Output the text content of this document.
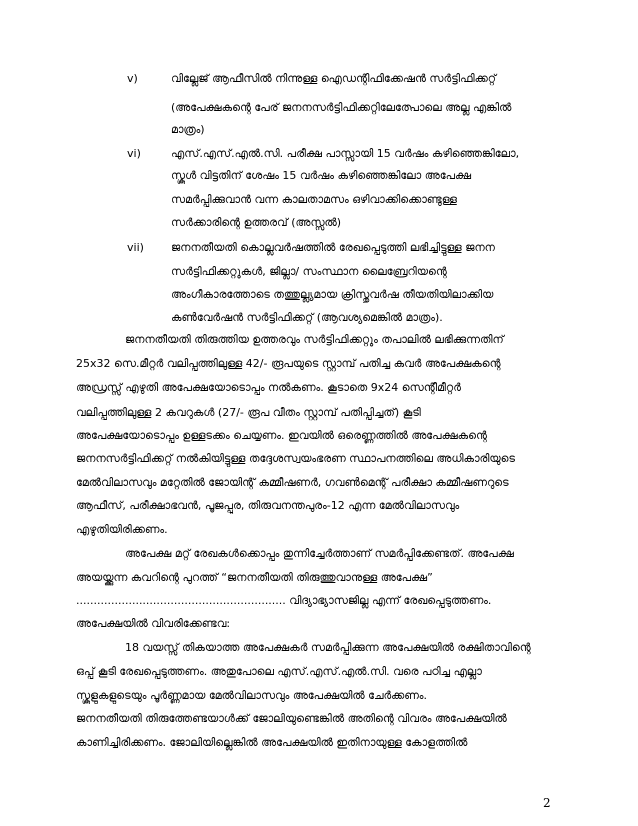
v)	വില്ലേജ് ആഫീസിൽ നിന്നുള്ള ഐഡന്റിഫിക്കേഷൻ സർട്ടിഫിക്കറ്റ്
(അപേക്ഷകന്റെ പേര് ജനനസർട്ടിഫിക്കറ്റിലേത്പോലെ അല്ല എങ്കിൽ
മാത്രം)
vi)	എസ്.എസ്.എൽ.സി. പരീക്ഷ പാസ്സായി 15 വർഷം കഴിഞ്ഞെങ്കിലോ,
സ്കൂൾ വിട്ടതിന് ശേഷം 15 വർഷം കഴിഞ്ഞെങ്കിലോ അപേക്ഷ
സമർപ്പിക്കുവാൻ വന്ന കാലതാമസം ഒഴിവാക്കിക്കൊണ്ടുള്ള
സർക്കാരിന്റെ ഉത്തരവ് (അസ്സൽ)
vii) ജനനതീയതി കൊല്ലവർഷത്തിൽ രേഖപ്പെടുത്തി ലഭിച്ചിട്ടുള്ള ജനന
സർട്ടിഫിക്കറ്റുകൾ, ജില്ലാ/ സംസ്ഥാന ലൈബ്രേറിയന്റെ
അംഗീകാരത്തോടെ തത്തുല്ല്യമായ ക്രിസ്തുവർഷ തീയതിയിലാക്കിയ
കൺവേർഷൻ സർട്ടിഫിക്കറ്റ് (ആവശ്യമെങ്കിൽ മാത്രം).
ജനനതീയതി തിരുത്തിയ ഉത്തരവും സർട്ടിഫിക്കറ്റും തപാലിൽ ലഭിക്കുന്നതിന്
25x32 സെ.മീറ്റർ വലിപ്പത്തിലുള്ള 42/- രൂപയുടെ സ്റ്റാമ്പ് പതിച്ച കവർ അപേക്ഷകന്റെ
അഡ്രസ്സ് എഴുതി അപേക്ഷയോടൊപ്പം നൽകണം. കൂടാതെ 9x24 സെന്റീമീറ്റർ
വലിപ്പത്തിലുള്ള 2 കവറുകൾ (27/- രൂപ വീതം സ്റ്റാമ്പ് പതിപ്പിച്ചത്) കൂടി
അപേക്ഷയോടൊപ്പം ഉള്ളടക്കം ചെയ്യണം. ഇവയിൽ ഒരെണ്ണത്തിൽ അപേക്ഷകന്റെ
ജനനസർട്ടിഫിക്കറ്റ് നൽകിയിട്ടുള്ള തദ്ദേശസ്വയംഭരണ സ്ഥാപനത്തിലെ അധികാരിയുടെ
മേൽവിലാസവും മറ്റേതിൽ ജോയിന്റ് കമ്മീഷണർ, ഗവൺമെന്റ് പരീക്ഷാ കമ്മീഷണറുടെ
ആഫീസ്, പരീക്ഷാഭവൻ, പൂജപ്പുര, തിരുവനന്തപുരം-12 എന്ന മേൽവിലാസവും
എഴുതിയിരിക്കണം.
അപേക്ഷ മറ്റ് രേഖകൾക്കൊപ്പം തുന്നിച്ചേർത്താണ് സമർപ്പിക്കേണ്ടത്. അപേക്ഷ
അയയ്ക്കുന്ന കവറിന്റെ പുറത്ത് “ജനനതീയതി തിരുത്തുവാനുള്ള അപേക്ഷ”
............................................................ വിദ്യാഭ്യാസജില്ല എന്ന് രേഖപ്പെടുത്തണം.
അപേക്ഷയിൽ വിവരിക്കേണ്ടവ:
18 വയസ്സ് തികയാത്ത അപേക്ഷകർ സമർപ്പിക്കുന്ന അപേക്ഷയിൽ രക്ഷിതാവിന്റെ
ഒപ്പ് കൂടി രേഖപ്പെടുത്തണം. അതുപോലെ എസ്.എസ്.എൽ.സി. വരെ പഠിച്ച എല്ലാ
സ്കൂളുകളുടെയും പൂർണ്ണമായ മേൽവിലാസവും അപേക്ഷയിൽ ചേർക്കണം.
ജനനതീയതി തിരുത്തേണ്ടയാൾക്ക് ജോലിയുണ്ടെങ്കിൽ അതിന്റെ വിവരം അപേക്ഷയിൽ
കാണിച്ചിരിക്കണം. ജോലിയില്ലെങ്കിൽ അപേക്ഷയിൽ ഇതിനായുള്ള കോളത്തിൽ
2
